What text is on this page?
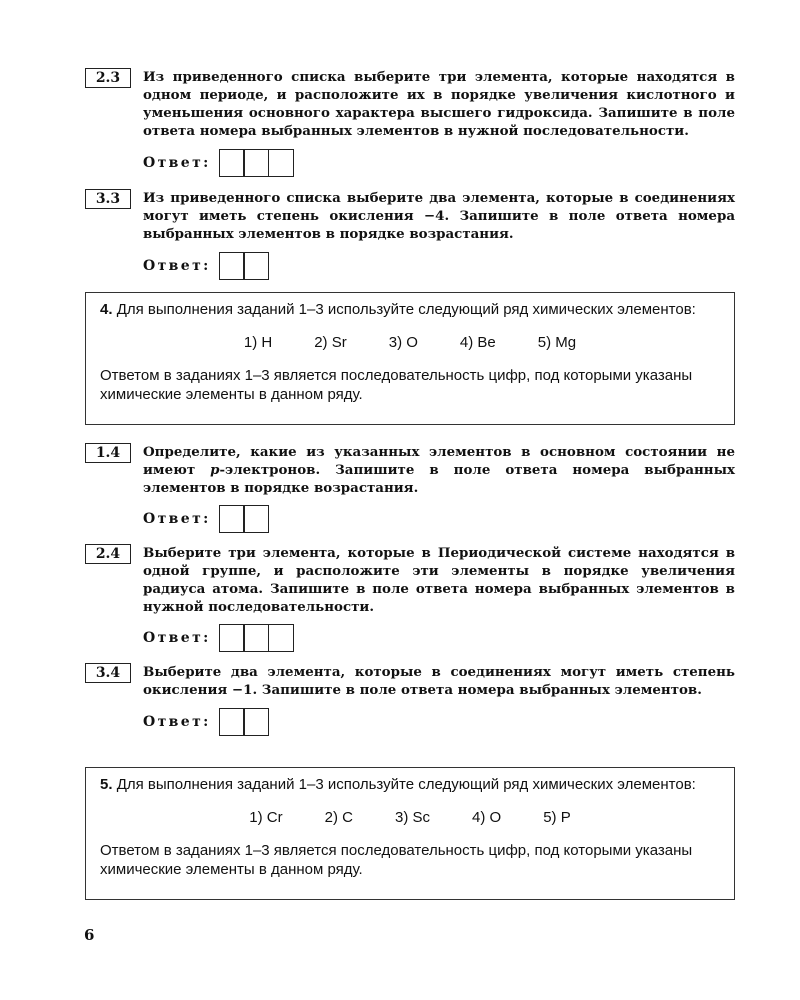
2.3	Из приведенного списка выберите три элемента, которые находятся в одном периоде, и расположите их в порядке увеличения кислотного и уменьшения основного характера высшего гидроксида. Запишите в поле ответа номера выбранных элементов в нужной последовательности.
Ответ:
3.3	Из приведенного списка выберите два элемента, которые в соединениях могут иметь степень окисления −4. Запишите в поле ответа номера выбранных элементов в порядке возрастания.
Ответ:
4. Для выполнения заданий 1–3 используйте следующий ряд химических элементов:
1) H	2) Sr	3) O	4) Be	5) Mg
Ответом в заданиях 1–3 является последовательность цифр, под которыми указаны химические элементы в данном ряду.
1.4	Определите, какие из указанных элементов в основном состоянии не имеют p-электронов. Запишите в поле ответа номера выбранных элементов в порядке возрастания.
Ответ:
2.4	Выберите три элемента, которые в Периодической системе находятся в одной группе, и расположите эти элементы в порядке увеличения радиуса атома. Запишите в поле ответа номера выбранных элементов в нужной последовательности.
Ответ:
3.4	Выберите два элемента, которые в соединениях могут иметь степень окисления −1. Запишите в поле ответа номера выбранных элементов.
Ответ:
5. Для выполнения заданий 1–3 используйте следующий ряд химических элементов:
1) Cr	2) C	3) Sc	4) O	5) P
Ответом в заданиях 1–3 является последовательность цифр, под которыми указаны химические элементы в данном ряду.
6
